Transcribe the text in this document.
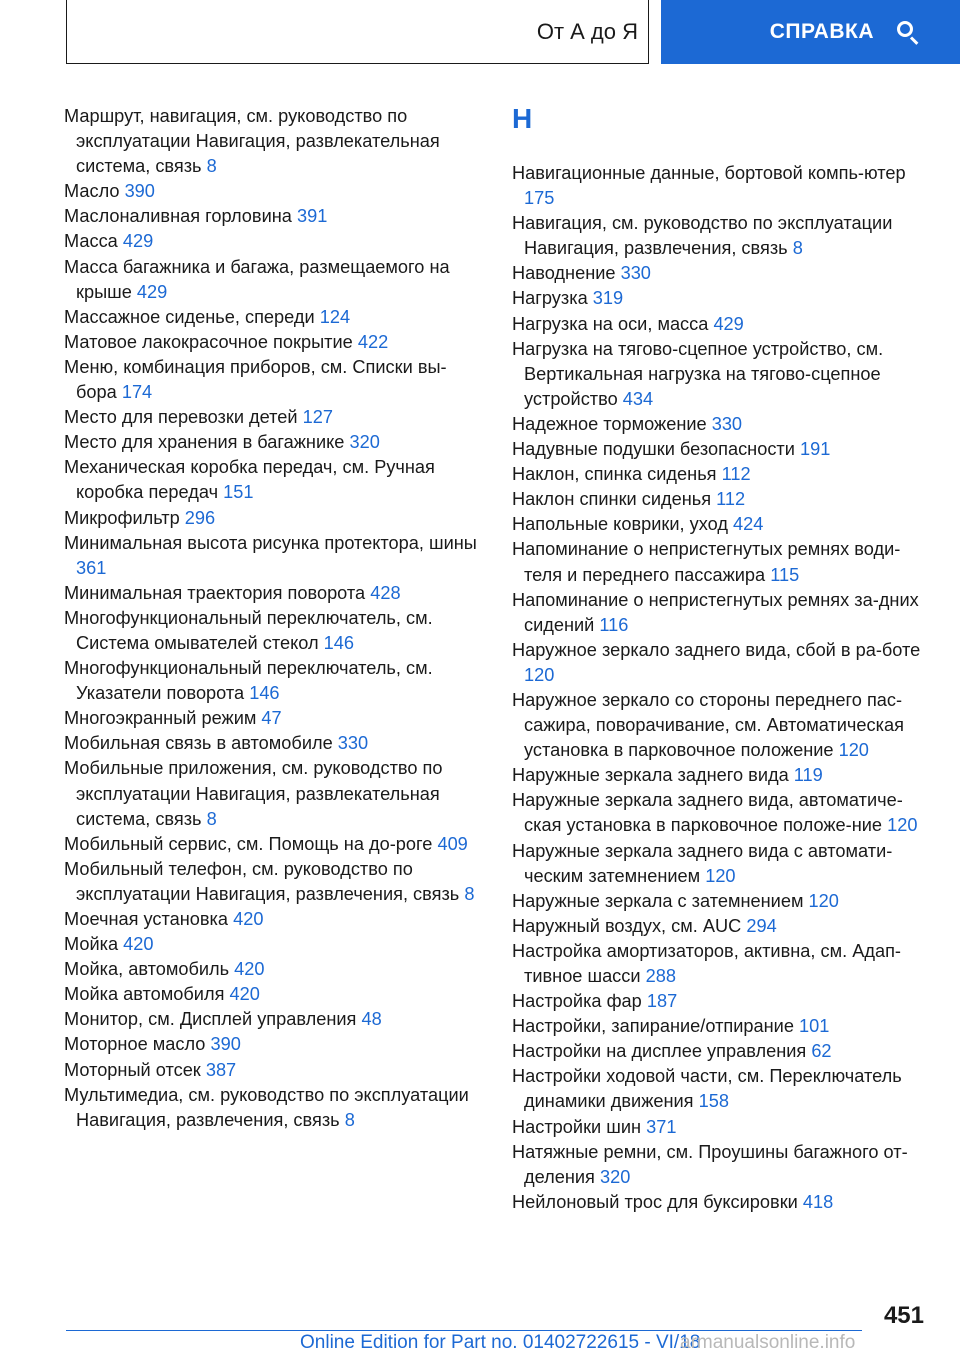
От А до Я	СПРАВКА
Маршрут, навигация, см. руководство по эксплуатации Навигация, развлекательная система, связь 8
Масло 390
Маслоналивная горловина 391
Масса 429
Масса багажника и багажа, размещаемого на крыше 429
Массажное сиденье, спереди 124
Матовое лакокрасочное покрытие 422
Меню, комбинация приборов, см. Списки вы-бора 174
Место для перевозки детей 127
Место для хранения в багажнике 320
Механическая коробка передач, см. Ручная коробка передач 151
Микрофильтр 296
Минимальная высота рисунка протектора, шины 361
Минимальная траектория поворота 428
Многофункциональный переключатель, см. Система омывателей стекол 146
Многофункциональный переключатель, см. Указатели поворота 146
Многоэкранный режим 47
Мобильная связь в автомобиле 330
Мобильные приложения, см. руководство по эксплуатации Навигация, развлекательная система, связь 8
Мобильный сервис, см. Помощь на до-роге 409
Мобильный телефон, см. руководство по эксплуатации Навигация, развлечения, связь 8
Моечная установка 420
Мойка 420
Мойка, автомобиль 420
Мойка автомобиля 420
Монитор, см. Дисплей управления 48
Моторное масло 390
Моторный отсек 387
Мультимедиа, см. руководство по эксплуатации Навигация, развлечения, связь 8
Н
Навигационные данные, бортовой компь-ютер 175
Навигация, см. руководство по эксплуатации Навигация, развлечения, связь 8
Наводнение 330
Нагрузка 319
Нагрузка на оси, масса 429
Нагрузка на тягово-сцепное устройство, см. Вертикальная нагрузка на тягово-сцепное устройство 434
Надежное торможение 330
Надувные подушки безопасности 191
Наклон, спинка сиденья 112
Наклон спинки сиденья 112
Напольные коврики, уход 424
Напоминание о непристегнутых ремнях води-теля и переднего пассажира 115
Напоминание о непристегнутых ремнях за-дних сидений 116
Наружное зеркало заднего вида, сбой в ра-боте 120
Наружное зеркало со стороны переднего пас-сажира, поворачивание, см. Автоматическая установка в парковочное положение 120
Наружные зеркала заднего вида 119
Наружные зеркала заднего вида, автоматиче-ская установка в парковочное положе-ние 120
Наружные зеркала заднего вида с автомати-ческим затемнением 120
Наружные зеркала с затемнением 120
Наружный воздух, см. AUC 294
Настройка амортизаторов, активна, см. Адап-тивное шасси 288
Настройка фар 187
Настройки, запирание/отпирание 101
Настройки на дисплее управления 62
Настройки ходовой части, см. Переключатель динамики движения 158
Настройки шин 371
Натяжные ремни, см. Проушины багажного от-деления 320
Нейлоновый трос для буксировки 418
451
Online Edition for Part no. 01402722615 - VI/18
armanualsonline.info
